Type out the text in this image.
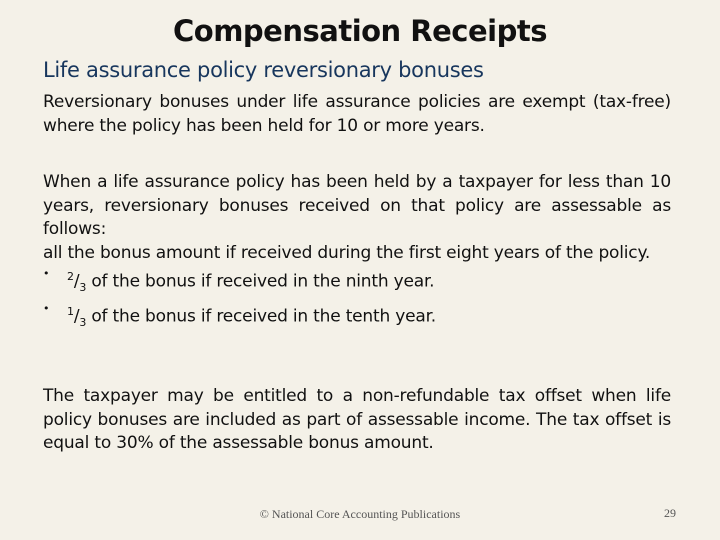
Compensation Receipts
Life assurance policy reversionary bonuses
Reversionary bonuses under life assurance policies are exempt (tax-free) where the policy has been held for 10 or more years.
When a life assurance policy has been held by a taxpayer for less than 10 years, reversionary bonuses received on that policy are assessable as follows:
all the bonus amount if received during the first eight years of the policy.
• $^2/_3$ of the bonus if received in the ninth year.
• $^1/_3$ of the bonus if received in the tenth year.
The taxpayer may be entitled to a non-refundable tax offset when life policy bonuses are included as part of assessable income. The tax offset is equal to 30% of the assessable bonus amount.
© National Core Accounting Publications	29
